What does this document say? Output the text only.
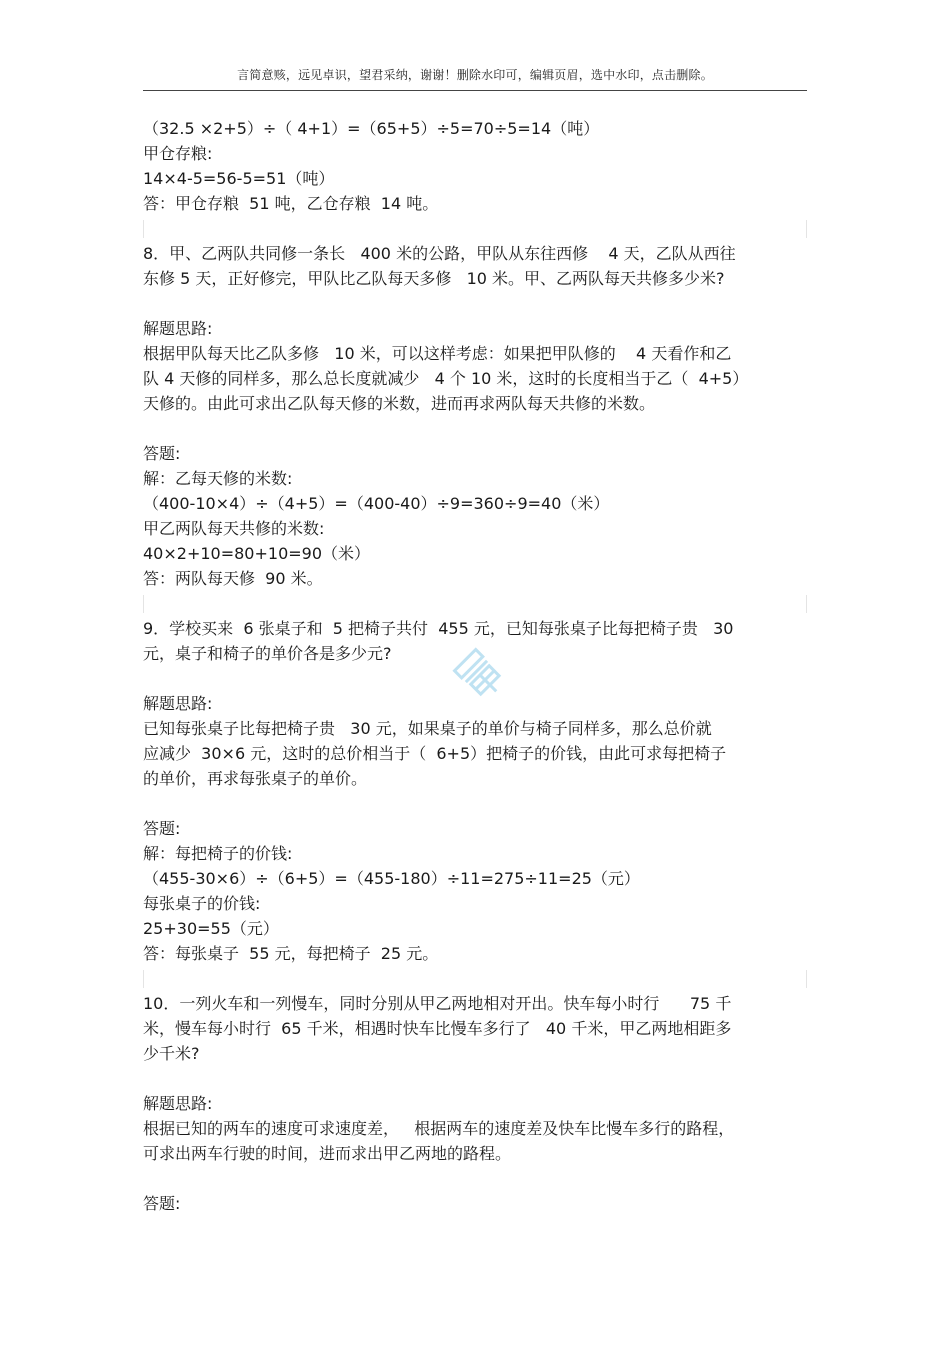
言简意赅，远见卓识，望君采纳，谢谢！删除水印可，编辑页眉，选中水印，点击删除。
（32.5 ×2+5）÷（ 4+1）=（65+5）÷5=70÷5=14（吨）
甲仓存粮:
14×4-5=56-5=51（吨）
答：甲仓存粮  51 吨，乙仓存粮  14 吨。
8．甲、乙两队共同修一条长   400 米的公路，甲队从东往西修    4 天，乙队从西往
东修 5 天，正好修完，甲队比乙队每天多修   10 米。甲、乙两队每天共修多少米?
解题思路:
根据甲队每天比乙队多修   10 米，可以这样考虑：如果把甲队修的    4 天看作和乙
队 4 天修的同样多，那么总长度就减少   4 个 10 米，这时的长度相当于乙（  4+5）
天修的。由此可求出乙队每天修的米数，进而再求两队每天共修的米数。
答题:
解：乙每天修的米数:
（400-10×4）÷（4+5）=（400-40）÷9=360÷9=40（米）
甲乙两队每天共修的米数:
40×2+10=80+10=90（米）
答：两队每天修  90 米。
9．学校买来  6 张桌子和  5 把椅子共付  455 元，已知每张桌子比每把椅子贵   30
元，桌子和椅子的单价各是多少元?
解题思路:
已知每张桌子比每把椅子贵   30 元，如果桌子的单价与椅子同样多，那么总价就
应减少  30×6 元，这时的总价相当于（  6+5）把椅子的价钱，由此可求每把椅子
的单价，再求每张桌子的单价。
答题:
解：每把椅子的价钱:
（455-30×6）÷（6+5）=（455-180）÷11=275÷11=25（元）
每张桌子的价钱:
25+30=55（元）
答：每张桌子  55 元，每把椅子  25 元。
10．一列火车和一列慢车，同时分别从甲乙两地相对开出。快车每小时行      75 千
米，慢车每小时行  65 千米，相遇时快车比慢车多行了   40 千米，甲乙两地相距多
少千米?
解题思路:
根据已知的两车的速度可求速度差，   根据两车的速度差及快车比慢车多行的路程，
可求出两车行驶的时间，进而求出甲乙两地的路程。
答题:
